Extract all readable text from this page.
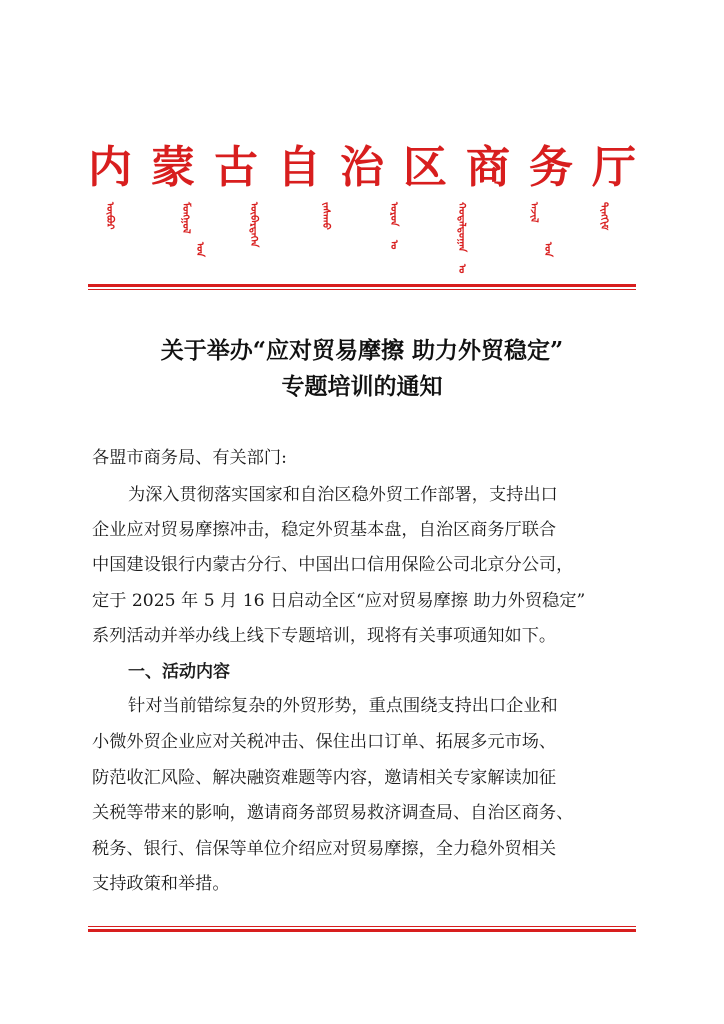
内 蒙 古 自 治 区 商 务 厅
ᠥᠪᠦᠷ	ᠮᠣᠩᠭᠣᠯ
ᠤᠨ
ᠥᠪᠡᠷᠲᠡᠭᠡᠨ	ᠵᠠᠰᠠᠬᠤ	ᠣᠷᠣᠨ
ᠤ	ᠬᠤᠳᠠᠯᠳᠤᠭᠠᠨ
ᠤ
ᠠᠵᠢᠯ
ᠤᠨ
ᠲᠢᠩᠬᠢᠮ
关于举办“应对贸易摩擦 助力外贸稳定”
专题培训的通知
各盟市商务局、有关部门:
为深入贯彻落实国家和自治区稳外贸工作部署，支持出口
企业应对贸易摩擦冲击，稳定外贸基本盘，自治区商务厅联合
中国建设银行内蒙古分行、中国出口信用保险公司北京分公司，
定于 2025 年 5 月 16 日启动全区“应对贸易摩擦 助力外贸稳定”
系列活动并举办线上线下专题培训，现将有关事项通知如下。
一、活动内容
针对当前错综复杂的外贸形势，重点围绕支持出口企业和
小微外贸企业应对关税冲击、保住出口订单、拓展多元市场、
防范收汇风险、解决融资难题等内容，邀请相关专家解读加征
关税等带来的影响，邀请商务部贸易救济调查局、自治区商务、
税务、银行、信保等单位介绍应对贸易摩擦，全力稳外贸相关
支持政策和举措。
